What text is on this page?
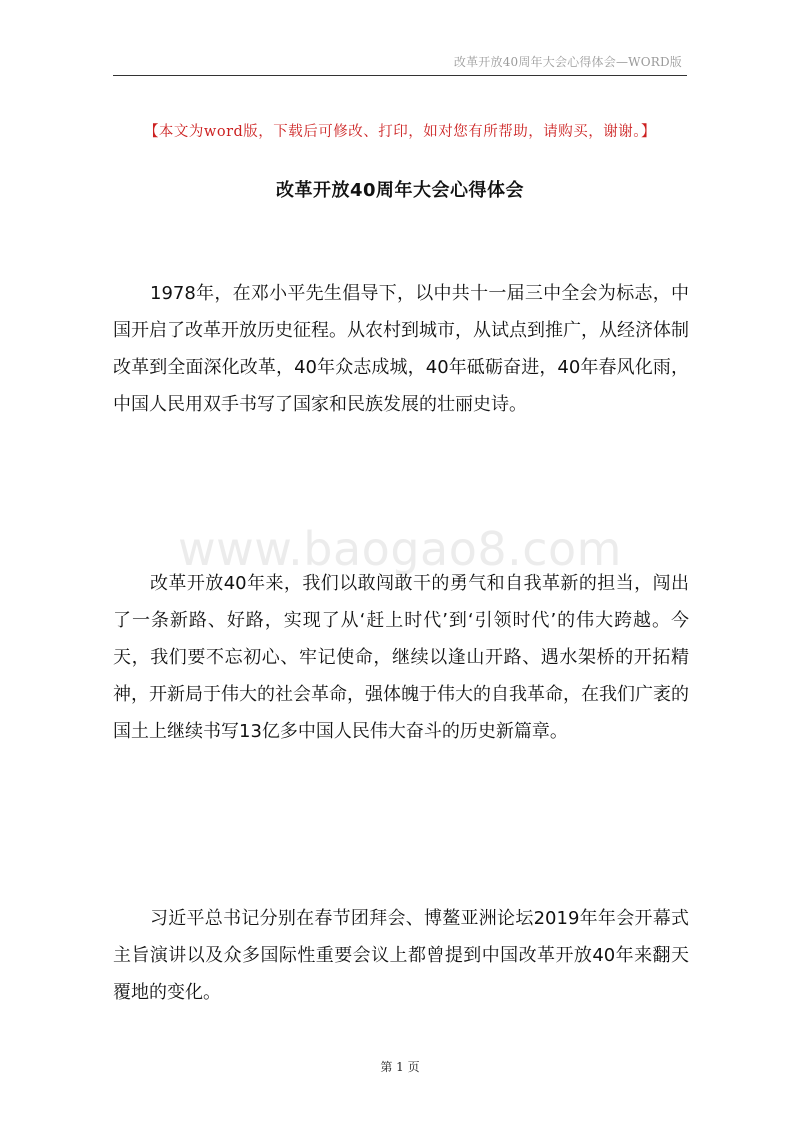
改革开放40周年大会心得体会—WORD版
【本文为word版，下载后可修改、打印，如对您有所帮助，请购买，谢谢。】
改革开放40周年大会心得体会

1978年，在邓小平先生倡导下，以中共十一届三中全会为标志，中国开启了改革开放历史征程。从农村到城市，从试点到推广，从经济体制改革到全面深化改革，40年众志成城，40年砥砺奋进，40年春风化雨，中国人民用双手书写了国家和民族发展的壮丽史诗。

www.baogao8.com

改革开放40年来，我们以敢闯敢干的勇气和自我革新的担当，闯出了一条新路、好路，实现了从‘赶上时代’到‘引领时代’的伟大跨越。今天，我们要不忘初心、牢记使命，继续以逢山开路、遇水架桥的开拓精神，开新局于伟大的社会革命，强体魄于伟大的自我革命，在我们广袤的国土上继续书写13亿多中国人民伟大奋斗的历史新篇章。

习近平总书记分别在春节团拜会、博鳌亚洲论坛2019年年会开幕式主旨演讲以及众多国际性重要会议上都曾提到中国改革开放40年来翻天覆地的变化。

第 1 页
